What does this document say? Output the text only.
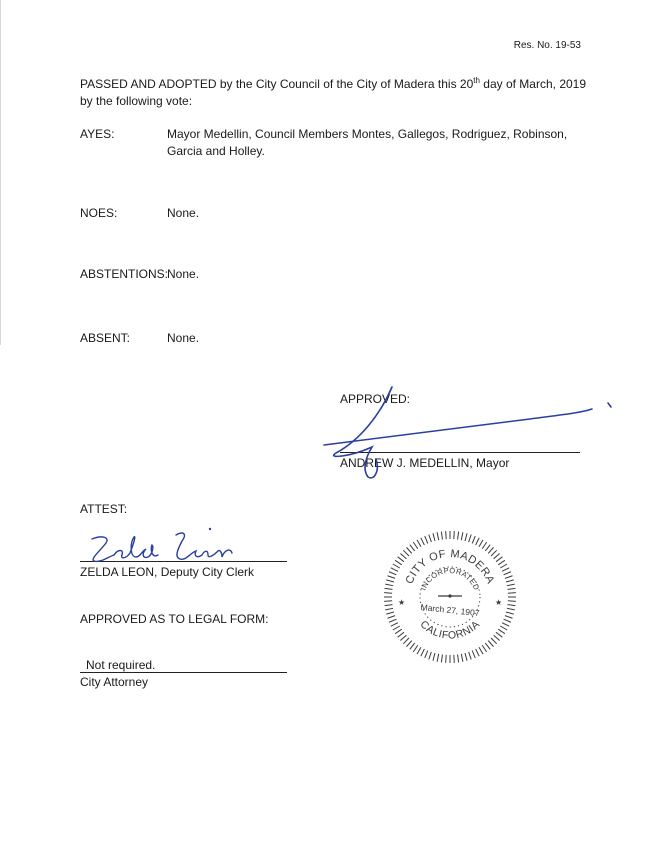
Res. No. 19-53
PASSED AND ADOPTED by the City Council of the City of Madera this 20th day of March, 2019 by the following vote:
AYES:	Mayor Medellin, Council Members Montes, Gallegos, Rodriguez, Robinson, Garcia and Holley.
NOES:	None.
ABSTENTIONS:
None.
ABSENT:	None.
APPROVED:
ANDREW J. MEDELLIN, Mayor
ATTEST:
ZELDA LEON, Deputy City Clerk
APPROVED AS TO LEGAL FORM:
Not required.
City Attorney
CITY OF MADERA
INCORPORATED
March 27, 1907
★	★
CALIFORNIA
